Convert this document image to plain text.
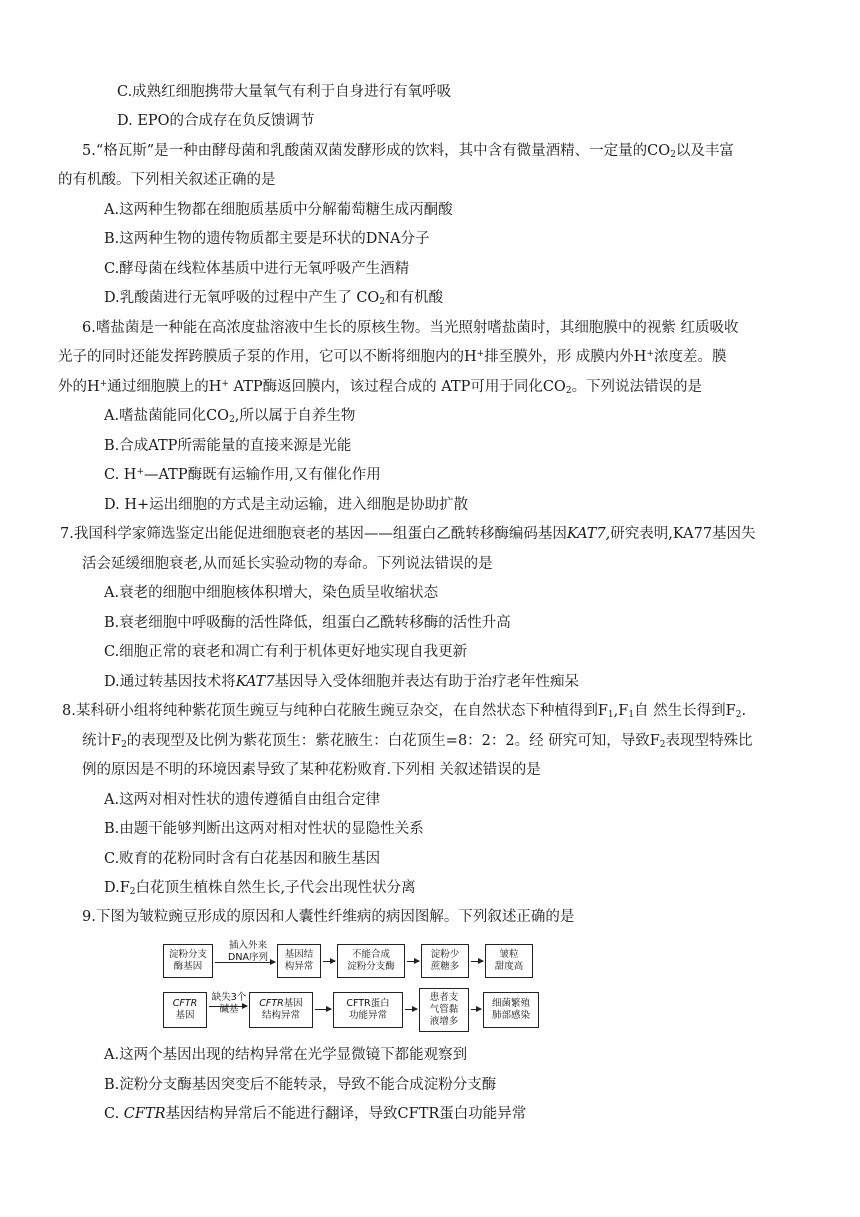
C.成熟红细胞携带大量氧气有利于自身进行有氧呼吸
D. EPO的合成存在负反馈调节
5.“格瓦斯”是一种由酵母菌和乳酸菌双菌发酵形成的饮料，其中含有微量酒精、一定量的$CO_2$以及丰富
的有机酸。下列相关叙述正确的是
A.这两种生物都在细胞质基质中分解葡萄糖生成丙酮酸
B.这两种生物的遗传物质都主要是环状的DNA分子
C.酵母菌在线粒体基质中进行无氧呼吸产生酒精
D.乳酸菌进行无氧呼吸的过程中产生了 $CO_2$和有机酸
6.嗜盐菌是一种能在高浓度盐溶液中生长的原核生物。当光照射嗜盐菌时，其细胞膜中的视紫 红质吸收
光子的同时还能发挥跨膜质子泵的作用，它可以不断将细胞内的H+排至膜外，形 成膜内外H+浓度差。膜
外的H+通过细胞膜上的H+ ATP酶返回膜内，该过程合成的 ATP可用于同化$CO_2$。下列说法错误的是
A.嗜盐菌能同化$CO_2$,所以属于自养生物
B.合成ATP所需能量的直接来源是光能
C. H+—ATP酶既有运输作用,又有催化作用
D. H+运出细胞的方式是主动运输，进入细胞是协助扩散
7.我国科学家筛选鉴定出能促进细胞衰老的基因——组蛋白乙酰转移酶编码基因KAT7,研究表明,KA77基因失
活会延缓细胞衰老,从而延长实验动物的寿命。下列说法错误的是
A.衰老的细胞中细胞核体积增大，染色质呈收缩状态
B.衰老细胞中呼吸酶的活性降低，组蛋白乙酰转移酶的活性升高
C.细胞正常的衰老和凋亡有利于机体更好地实现自我更新
D.通过转基因技术将KAT7基因导入受体细胞并表达有助于治疗老年性痴呆
8.某科研小组将纯种紫花顶生豌豆与纯种白花腋生豌豆杂交，在自然状态下种植得到$F_1,F_1$自 然生长得到$F_2$.
统计$F_2$的表现型及比例为紫花顶生：紫花腋生：白花顶生=8：2：2。经 研究可知，导致$F_2$表现型特殊比
例的原因是不明的环境因素导致了某种花粉败育.下列相 关叙述错误的是
A.这两对相对性状的遗传遵循自由组合定律
B.由题干能够判断出这两对相对性状的显隐性关系
C.败育的花粉同时含有白花基因和腋生基因
$D.F_2$白花顶生植株自然生长,子代会出现性状分离
9.下图为皱粒豌豆形成的原因和人囊性纤维病的病因图解。下列叙述正确的是
淀粉分支
酶基因
插入外来
DNA序列	基因结
构异常
不能合成
淀粉分支酶
淀粉少
蔗糖多
皱粒
甜度高
CFTR
基因
缺失3个
碱基
CFTR基因
结构异常
CFTR蛋白
功能异常
患者支
气管黏
液增多
细菌繁殖
肺部感染
A.这两个基因出现的结构异常在光学显微镜下都能观察到
B.淀粉分支酶基因突变后不能转录，导致不能合成淀粉分支酶
C. CFTR基因结构异常后不能进行翻译，导致CFTR蛋白功能异常
